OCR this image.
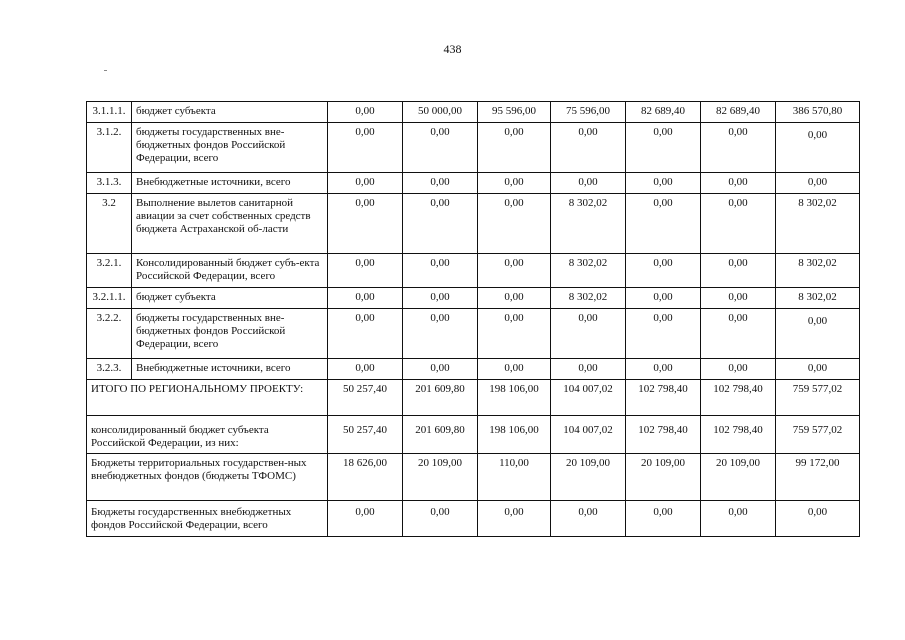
438
3.1.1.1.	бюджет субъекта	0,00	50 000,00	95 596,00	75 596,00	82 689,40	82 689,40	386 570,80
3.1.2.	бюджеты государственных вне-бюджетных фондов Российской Федерации, всего	0,00	0,00	0,00	0,00	0,00	0,00	0,00
3.1.3.	Внебюджетные источники, всего	0,00	0,00	0,00	0,00	0,00	0,00	0,00
3.2	Выполнение вылетов санитарной авиации за счет собственных средств бюджета Астраханской об-ласти	0,00	0,00	0,00	8 302,02	0,00	0,00	8 302,02
3.2.1.	Консолидированный бюджет субъ-екта Российской Федерации, всего	0,00	0,00	0,00	8 302,02	0,00	0,00	8 302,02
3.2.1.1.	бюджет субъекта	0,00	0,00	0,00	8 302,02	0,00	0,00	8 302,02
3.2.2.	бюджеты государственных вне-бюджетных фондов Российской Федерации, всего	0,00	0,00	0,00	0,00	0,00	0,00	0,00
3.2.3.	Внебюджетные источники, всего	0,00	0,00	0,00	0,00	0,00	0,00	0,00
ИТОГО ПО РЕГИОНАЛЬНОМУ ПРОЕКТУ:		50 257,40	201 609,80	198 106,00	104 007,02	102 798,40	102 798,40	759 577,02
консолидированный бюджет субъекта Российской Федерации, из них:		50 257,40	201 609,80	198 106,00	104 007,02	102 798,40	102 798,40	759 577,02
Бюджеты территориальных государствен-ных внебюджетных фондов (бюджеты ТФОМС)		18 626,00	20 109,00	110,00	20 109,00	20 109,00	20 109,00	99 172,00
Бюджеты государственных внебюджетных фондов Российской Федерации, всего		0,00	0,00	0,00	0,00	0,00	0,00	0,00
